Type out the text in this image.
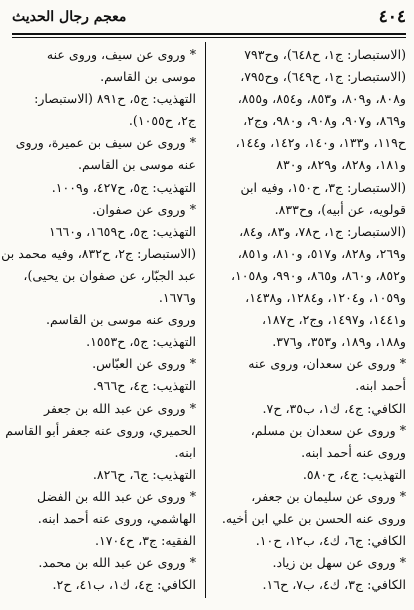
٤٠٤
معجم رجال الحديث
(الاستبصار: ج١، ح٦٤٨)، وح٧٩٣
(الاستبصار: ج١، ح٦٤٩)، وح٧٩٥،
و٨٠٨، و٨٠٩، و٨٥٣، و٨٥٤، و٨٥٥،
و٨٦٩، و٩٠٧، و٩٠٨، و٩٨٠، وج٢،
ح١١٩، و١٣٣، و١٤٠، و١٤٢، و١٤٤،
و١٨١، و٨٢٨، و٨٢٩، و٨٣٠
(الاستبصار: ج٣، ح١٥٠، وفيه ابن
قولويه، عن أبيه)، وح٨٣٣.
(الاستبصار: ج١، ح٧٨، و٨٣، و٨٤،
و٢٦٩، و٨٢٨، و٥١٧، و٨١٠، و٨٥١،
و٨٥٢، و٨٦٠، و٨٦٥، و٩٩٠، و١٠٥٨،
و١٠٥٩، و١٢٠٤، و١٢٨٤، و١٤٣٨،
و١٤٤١، و١٤٩٧، وج٢، ح١٨٧،
و١٨٨، و١٨٩، و٣٥٣، و٣٧٦.
* وروى عن سعدان، وروى عنه
أحمد ابنه.
الكافي: ج٤، ك١، ب٣٥، ح٧.
* وروى عن سعدان بن مسلم،
وروى عنه أحمد ابنه.
التهذيب: ج٤، ح٥٨٠.
* وروى عن سليمان بن جعفر،
وروى عنه الحسن بن علي ابن أخيه.
الكافي: ج٦، ك٤، ب١٢، ح١٠.
* وروى عن سهل بن زياد.
الكافي: ج٣، ك٤، ب٧، ح١٦.
* وروى عن سيف، وروى عنه
موسى بن القاسم.
التهذيب: ج٥، ح٨٩١ (الاستبصار:
ج٢، ح١٠٥٥).
* وروى عن سيف بن عميرة، وروى
عنه موسى بن القاسم.
التهذيب: ج٥، ح٤٢٧، و١٠٠٩.
* وروى عن صفوان.
التهذيب: ج٥، ح١٦٥٩، و١٦٦٠
(الاستبصار: ج٢، ح٨٣٢، وفيه محمد بن
عبد الجبّار، عن صفوان بن يحيى)،
و١٦٧٦.
وروى عنه موسى بن القاسم.
التهذيب: ج٥، ح١٥٥٣.
* وروى عن العبّاس.
التهذيب: ج٤، ح٩٦٦.
* وروى عن عبد الله بن جعفر
الحميري، وروى عنه جعفر أبو القاسم
ابنه.
التهذيب: ج٦، ح٨٢٦.
* وروى عن عبد الله بن الفضل
الهاشمي، وروى عنه أحمد ابنه.
الفقيه: ج٣، ح١٧٠٤.
* وروى عن عبد الله بن محمد.
الكافي: ج٤، ك١، ب٤١، ح٢.
